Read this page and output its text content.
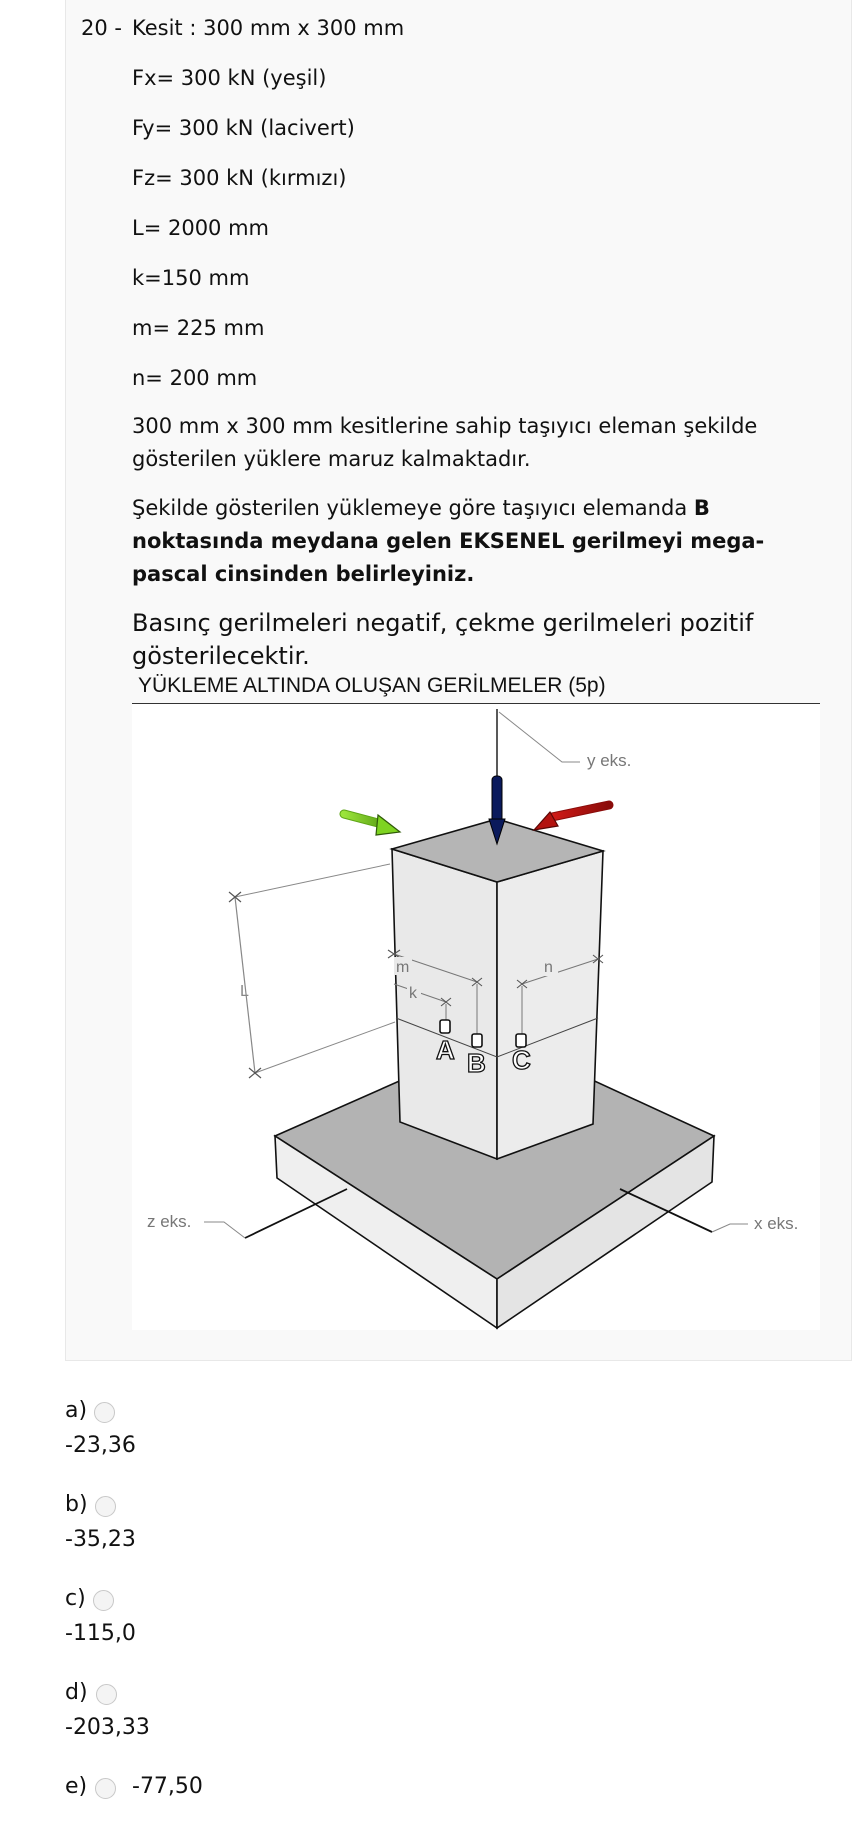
20 - Kesit : 300 mm x 300 mm
Fx= 300 kN (yeşil)
Fy= 300 kN (lacivert)
Fz= 300 kN (kırmızı)
L= 2000 mm
k=150 mm
m= 225 mm
n= 200 mm
300 mm x 300 mm kesitlerine sahip taşıyıcı eleman şekilde gösterilen yüklere maruz kalmaktadır.
Şekilde gösterilen yüklemeye göre taşıyıcı elemanda B noktasında meydana gelen EKSENEL gerilmeyi mega-pascal cinsinden belirleyiniz.
Basınç gerilmeleri negatif, çekme gerilmeleri pozitif gösterilecektir.
YÜKLEME ALTINDA OLUŞAN GERİLMELER (5p)
y eks.
z eks.	x eks.
L
m
k
n
A B C
a)
-23,36
b)
-35,23
c)
-115,0
d)
-203,33
e) -77,50
